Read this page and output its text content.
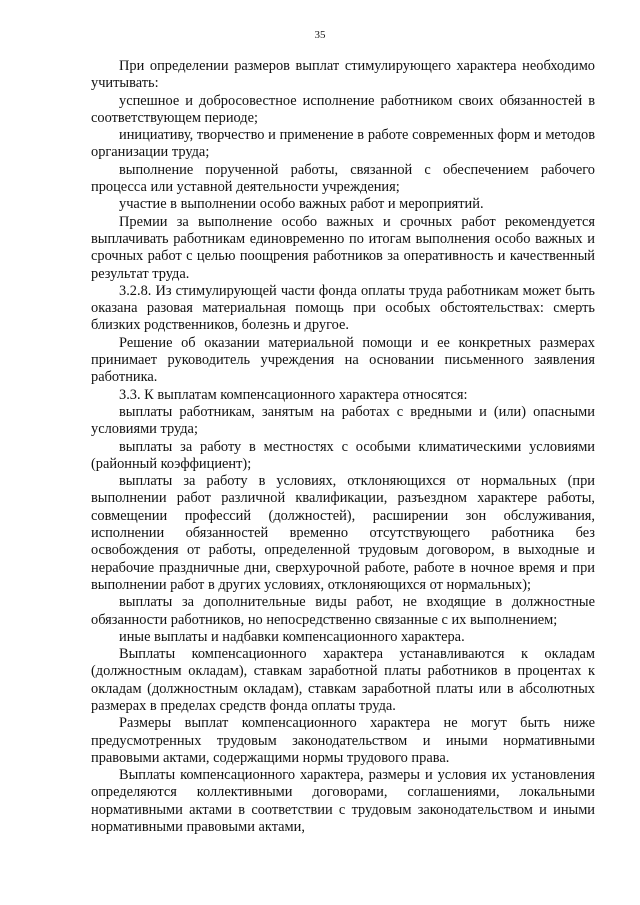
35

При определении размеров выплат стимулирующего характера необходимо учитывать:

успешное и добросовестное исполнение работником своих обязанностей в соответствующем периоде;

инициативу, творчество и применение в работе современных форм и методов организации труда;

выполнение порученной работы, связанной с обеспечением рабочего процесса или уставной деятельности учреждения;

участие в выполнении особо важных работ и мероприятий.

Премии за выполнение особо важных и срочных работ рекомендуется выплачивать работникам единовременно по итогам выполнения особо важных и срочных работ с целью поощрения работников за оперативность и качественный результат труда.

3.2.8. Из стимулирующей части фонда оплаты труда работникам может быть оказана разовая материальная помощь при особых обстоятельствах: смерть близких родственников, болезнь и другое.

Решение об оказании материальной помощи и ее конкретных размерах принимает руководитель учреждения на основании письменного заявления работника.

3.3. К выплатам компенсационного характера относятся:

выплаты работникам, занятым на работах с вредными и (или) опасными условиями труда;

выплаты за работу в местностях с особыми климатическими условиями (районный коэффициент);

выплаты за работу в условиях, отклоняющихся от нормальных (при выполнении работ различной квалификации, разъездном характере работы, совмещении профессий (должностей), расширении зон обслуживания, исполнении обязанностей временно отсутствующего работника без освобождения от работы, определенной трудовым договором, в выходные и нерабочие праздничные дни, сверхурочной работе, работе в ночное время и при выполнении работ в других условиях, отклоняющихся от нормальных);

выплаты за дополнительные виды работ, не входящие в должностные обязанности работников, но непосредственно связанные с их выполнением;

иные выплаты и надбавки компенсационного характера.

Выплаты компенсационного характера устанавливаются к окладам (должностным окладам), ставкам заработной платы работников в процентах к окладам (должностным окладам), ставкам заработной платы или в абсолютных размерах в пределах средств фонда оплаты труда.

Размеры выплат компенсационного характера не могут быть ниже предусмотренных трудовым законодательством и иными нормативными правовыми актами, содержащими нормы трудового права.

Выплаты компенсационного характера, размеры и условия их установления определяются коллективными договорами, соглашениями, локальными нормативными актами в соответствии с трудовым законодательством и иными нормативными правовыми актами,
